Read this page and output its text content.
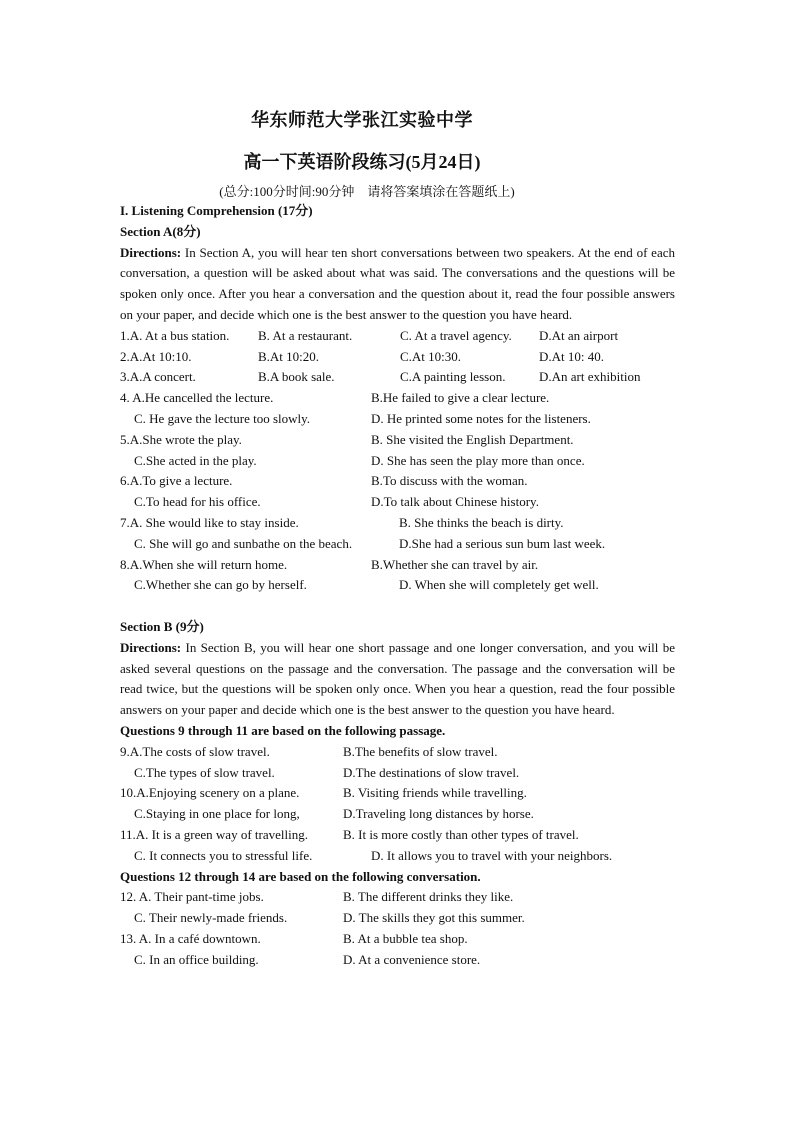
华东师范大学张江实验中学
高一下英语阶段练习(5月24日)
(总分:100分时间:90分钟　请将答案填涂在答题纸上)
I. Listening Comprehension (17分)
Section A(8分)
Directions: In Section A, you will hear ten short conversations between two speakers. At the end of each conversation, a question will be asked about what was said. The conversations and the questions will be spoken only once. After you hear a conversation and the question about it, read the four possible answers on your paper, and decide which one is the best answer to the question you have heard.
1.A. At a bus station. B. At a restaurant.	C. At a travel agency. D.At an airport
2.A.At 10:10.	B.At 10:20.	C.At 10:30.	D.At 10: 40.
3.A.A concert.	B.A book sale.	C.A painting lesson.	D.An art exhibition
4. A.He cancelled the lecture.	B.He failed to give a clear lecture.
C. He gave the lecture too slowly.	D. He printed some notes for the listeners.
5.A.She wrote the play.	B. She visited the English Department.
C.She acted in the play.	D. She has seen the play more than once.
6.A.To give a lecture.	B.To discuss with the woman.
C.To head for his office.	D.To talk about Chinese history.
7.A. She would like to stay inside.	B. She thinks the beach is dirty.
C. She will go and sunbathe on the beach.	D.She had a serious sun bum last week.
8.A.When she will return home.	B.Whether she can travel by air.
C.Whether she can go by herself.	D. When she will completely get well.
Section B (9分)
Directions: In Section B, you will hear one short passage and one longer conversation, and you will be asked several questions on the passage and the conversation. The passage and the conversation will be read twice, but the questions will be spoken only once. When you hear a question, read the four possible answers on your paper and decide which one is the best answer to the question you have heard.
Questions 9 through 11 are based on the following passage.
9.A.The costs of slow travel.	B.The benefits of slow travel.
C.The types of slow travel.	D.The destinations of slow travel.
10.A.Enjoying scenery on a plane.	B. Visiting friends while travelling.
C.Staying in one place for long,	D.Traveling long distances by horse.
11.A. It is a green way of travelling.	B. It is more costly than other types of travel.
C. It connects you to stressful life.	D. It allows you to travel with your neighbors.
Questions 12 through 14 are based on the following conversation.
12. A. Their pant-time jobs.	B. The different drinks they like.
C. Their newly-made friends.	D. The skills they got this summer.
13. A. In a café downtown.	B. At a bubble tea shop.
C. In an office building.	D. At a convenience store.
